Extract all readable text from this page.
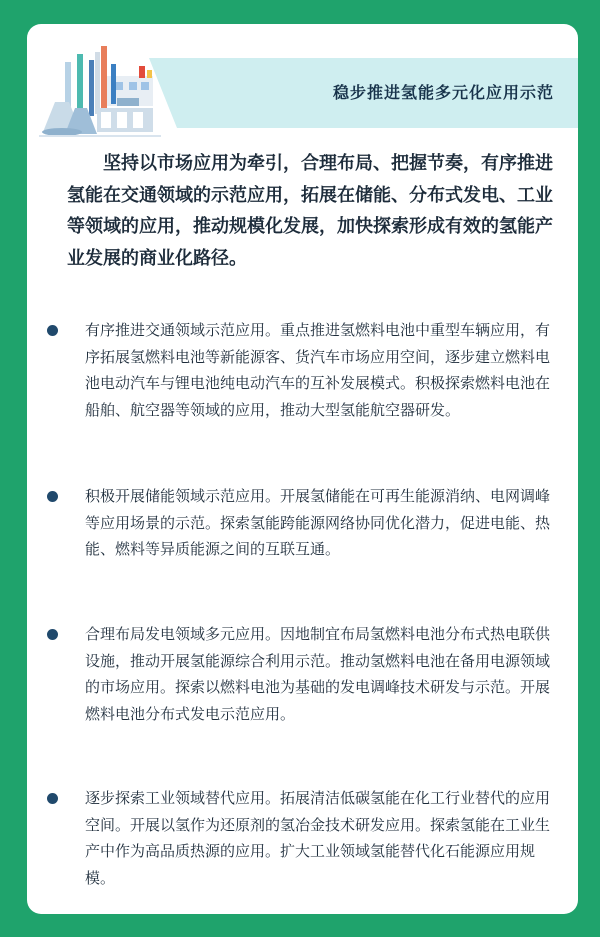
稳步推进氢能多元化应用示范

坚持以市场应用为牵引，合理布局、把握节奏，有序推进氢能在交通领域的示范应用，拓展在储能、分布式发电、工业等领域的应用，推动规模化发展，加快探索形成有效的氢能产业发展的商业化路径。

有序推进交通领域示范应用。重点推进氢燃料电池中重型车辆应用，有序拓展氢燃料电池等新能源客、货汽车市场应用空间，逐步建立燃料电池电动汽车与锂电池纯电动汽车的互补发展模式。积极探索燃料电池在船舶、航空器等领域的应用，推动大型氢能航空器研发。

积极开展储能领域示范应用。开展氢储能在可再生能源消纳、电网调峰等应用场景的示范。探索氢能跨能源网络协同优化潜力，促进电能、热能、燃料等异质能源之间的互联互通。

合理布局发电领域多元应用。因地制宜布局氢燃料电池分布式热电联供设施，推动开展氢能源综合利用示范。推动氢燃料电池在备用电源领域的市场应用。探索以燃料电池为基础的发电调峰技术研发与示范。开展燃料电池分布式发电示范应用。

逐步探索工业领域替代应用。拓展清洁低碳氢能在化工行业替代的应用空间。开展以氢作为还原剂的氢冶金技术研发应用。探索氢能在工业生产中作为高品质热源的应用。扩大工业领域氢能替代化石能源应用规模。
